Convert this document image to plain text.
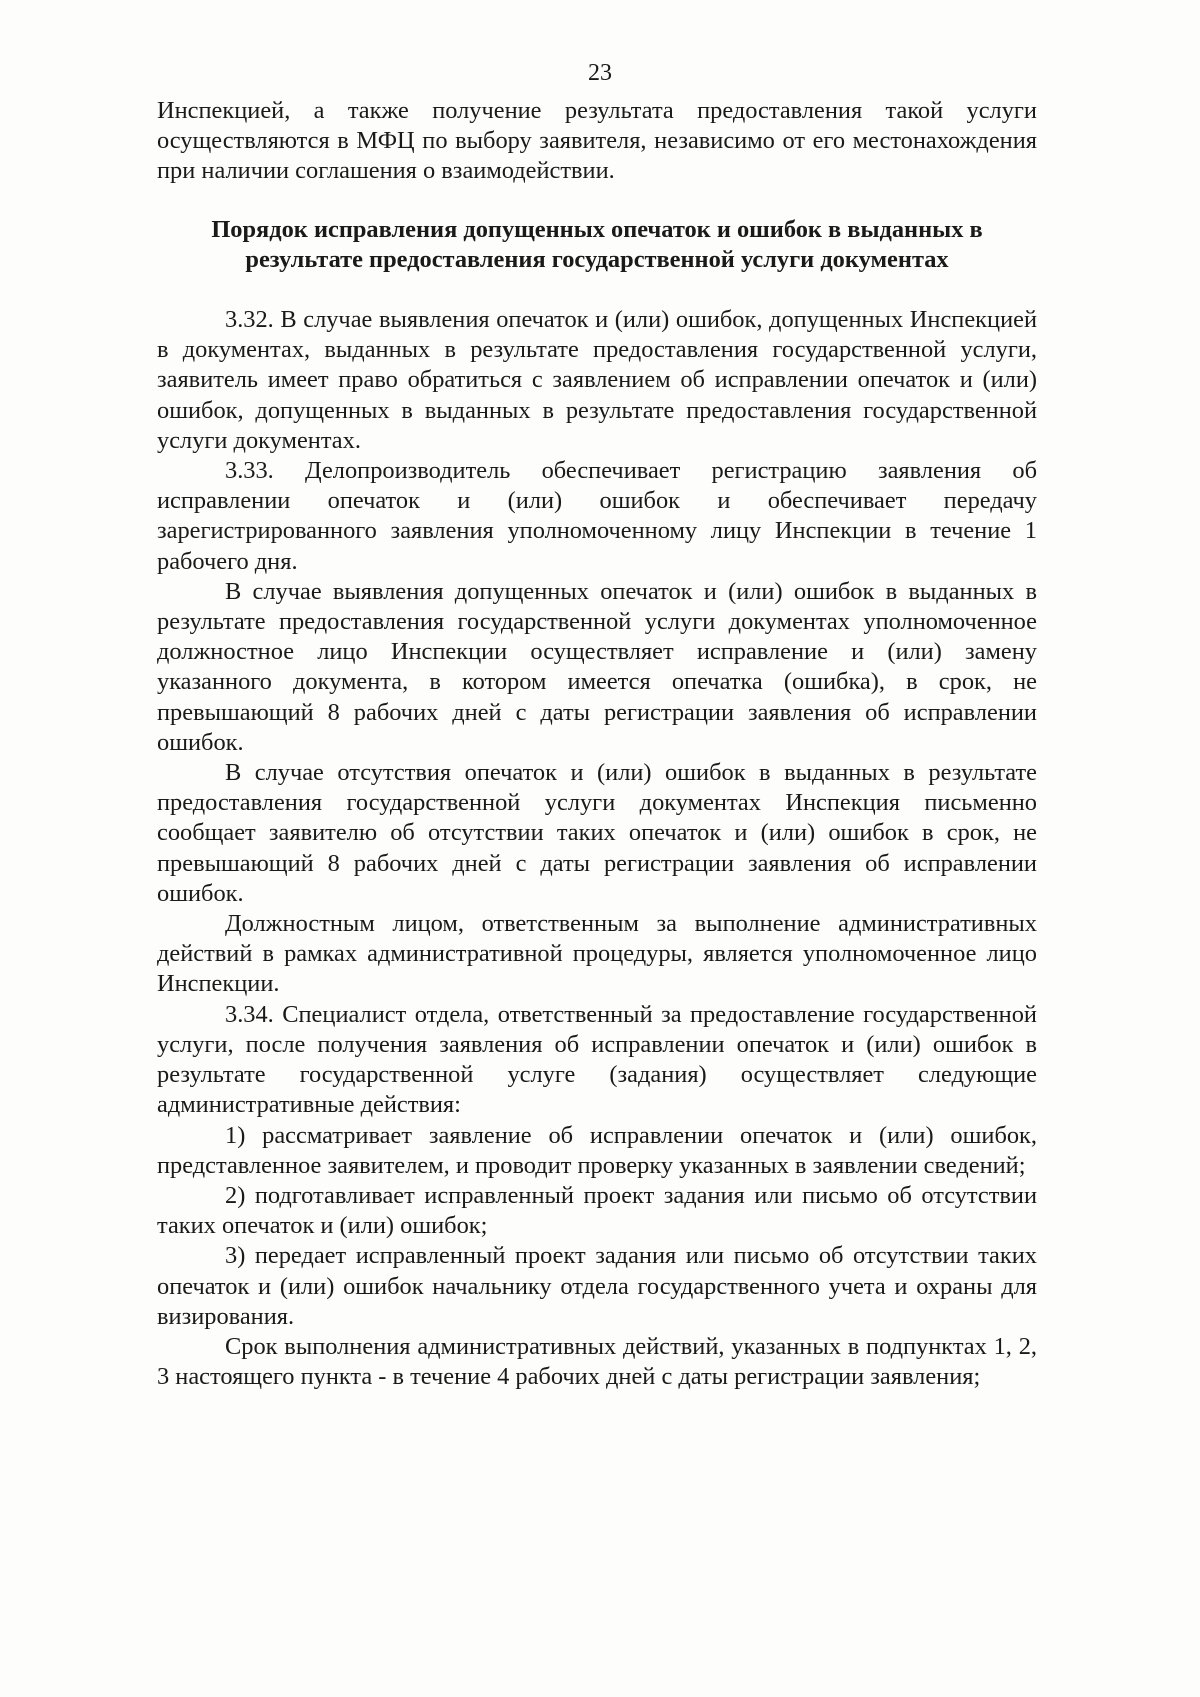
23

Инспекцией, а также получение результата предоставления такой услуги осуществляются в МФЦ по выбору заявителя, независимо от его местонахождения при наличии соглашения о взаимодействии.

Порядок исправления допущенных опечаток и ошибок в выданных в результате предоставления государственной услуги документах

3.32. В случае выявления опечаток и (или) ошибок, допущенных Инспекцией в документах, выданных в результате предоставления государственной услуги, заявитель имеет право обратиться с заявлением об исправлении опечаток и (или) ошибок, допущенных в выданных в результате предоставления государственной услуги документах.

3.33. Делопроизводитель обеспечивает регистрацию заявления об исправлении опечаток и (или) ошибок и обеспечивает передачу зарегистрированного заявления уполномоченному лицу Инспекции в течение 1 рабочего дня.

В случае выявления допущенных опечаток и (или) ошибок в выданных в результате предоставления государственной услуги документах уполномоченное должностное лицо Инспекции осуществляет исправление и (или) замену указанного документа, в котором имеется опечатка (ошибка), в срок, не превышающий 8 рабочих дней с даты регистрации заявления об исправлении ошибок.

В случае отсутствия опечаток и (или) ошибок в выданных в результате предоставления государственной услуги документах Инспекция письменно сообщает заявителю об отсутствии таких опечаток и (или) ошибок в срок, не превышающий 8 рабочих дней с даты регистрации заявления об исправлении ошибок.

Должностным лицом, ответственным за выполнение административных действий в рамках административной процедуры, является уполномоченное лицо Инспекции.

3.34. Специалист отдела, ответственный за предоставление государственной услуги, после получения заявления об исправлении опечаток и (или) ошибок в результате государственной услуге (задания) осуществляет следующие административные действия:

1) рассматривает заявление об исправлении опечаток и (или) ошибок, представленное заявителем, и проводит проверку указанных в заявлении сведений;

2) подготавливает исправленный проект задания или письмо об отсутствии таких опечаток и (или) ошибок;

3) передает исправленный проект задания или письмо об отсутствии таких опечаток и (или) ошибок начальнику отдела государственного учета и охраны для визирования.

Срок выполнения административных действий, указанных в подпунктах 1, 2, 3 настоящего пункта - в течение 4 рабочих дней с даты регистрации заявления;
